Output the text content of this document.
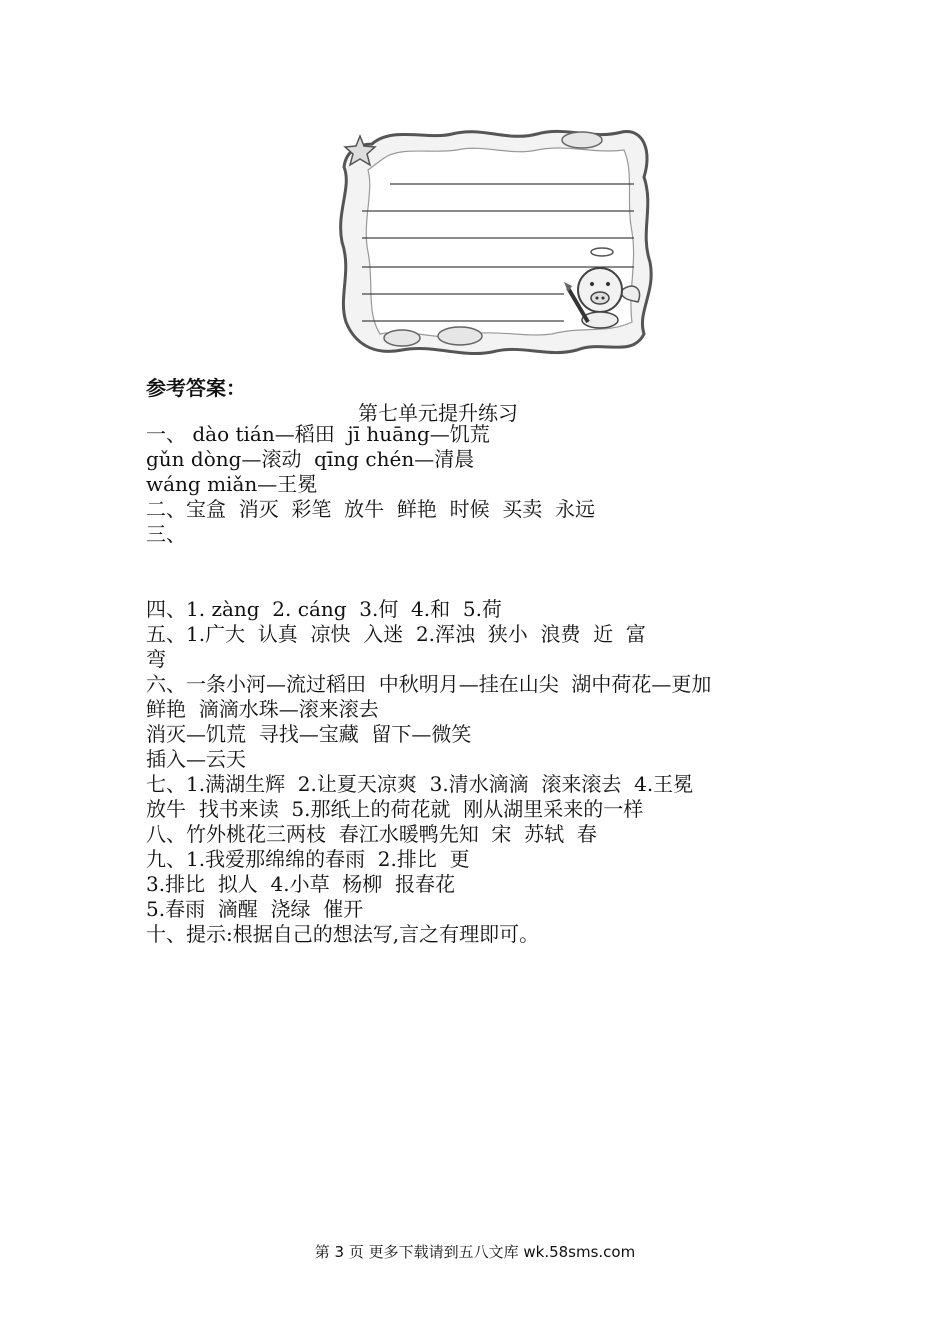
参考答案：
第七单元提升练习
一、 dào tián—稻田  jī huāng—饥荒
gǔn dòng—滚动  qīng chén—清晨
wáng miǎn—王冕
二、宝盒  消灭  彩笔  放牛  鲜艳  时候  买卖  永远
三、
四、1. zàng  2. cáng  3.何  4.和  5.荷
五、1.广大  认真  凉快  入迷  2.浑浊  狭小  浪费  近  富
弯
六、一条小河—流过稻田  中秋明月—挂在山尖  湖中荷花—更加
鲜艳  滴滴水珠—滚来滚去
消灭—饥荒  寻找—宝藏  留下—微笑
插入—云天
七、1.满湖生辉  2.让夏天凉爽  3.清水滴滴  滚来滚去  4.王冕
放牛  找书来读  5.那纸上的荷花就  刚从湖里采来的一样
八、竹外桃花三两枝  春江水暖鸭先知  宋  苏轼  春
九、1.我爱那绵绵的春雨  2.排比  更
3.排比  拟人  4.小草  杨柳  报春花
5.春雨  滴醒  浇绿  催开
十、提示:根据自己的想法写,言之有理即可。
第 3 页 更多下载请到五八文库 wk.58sms.com
